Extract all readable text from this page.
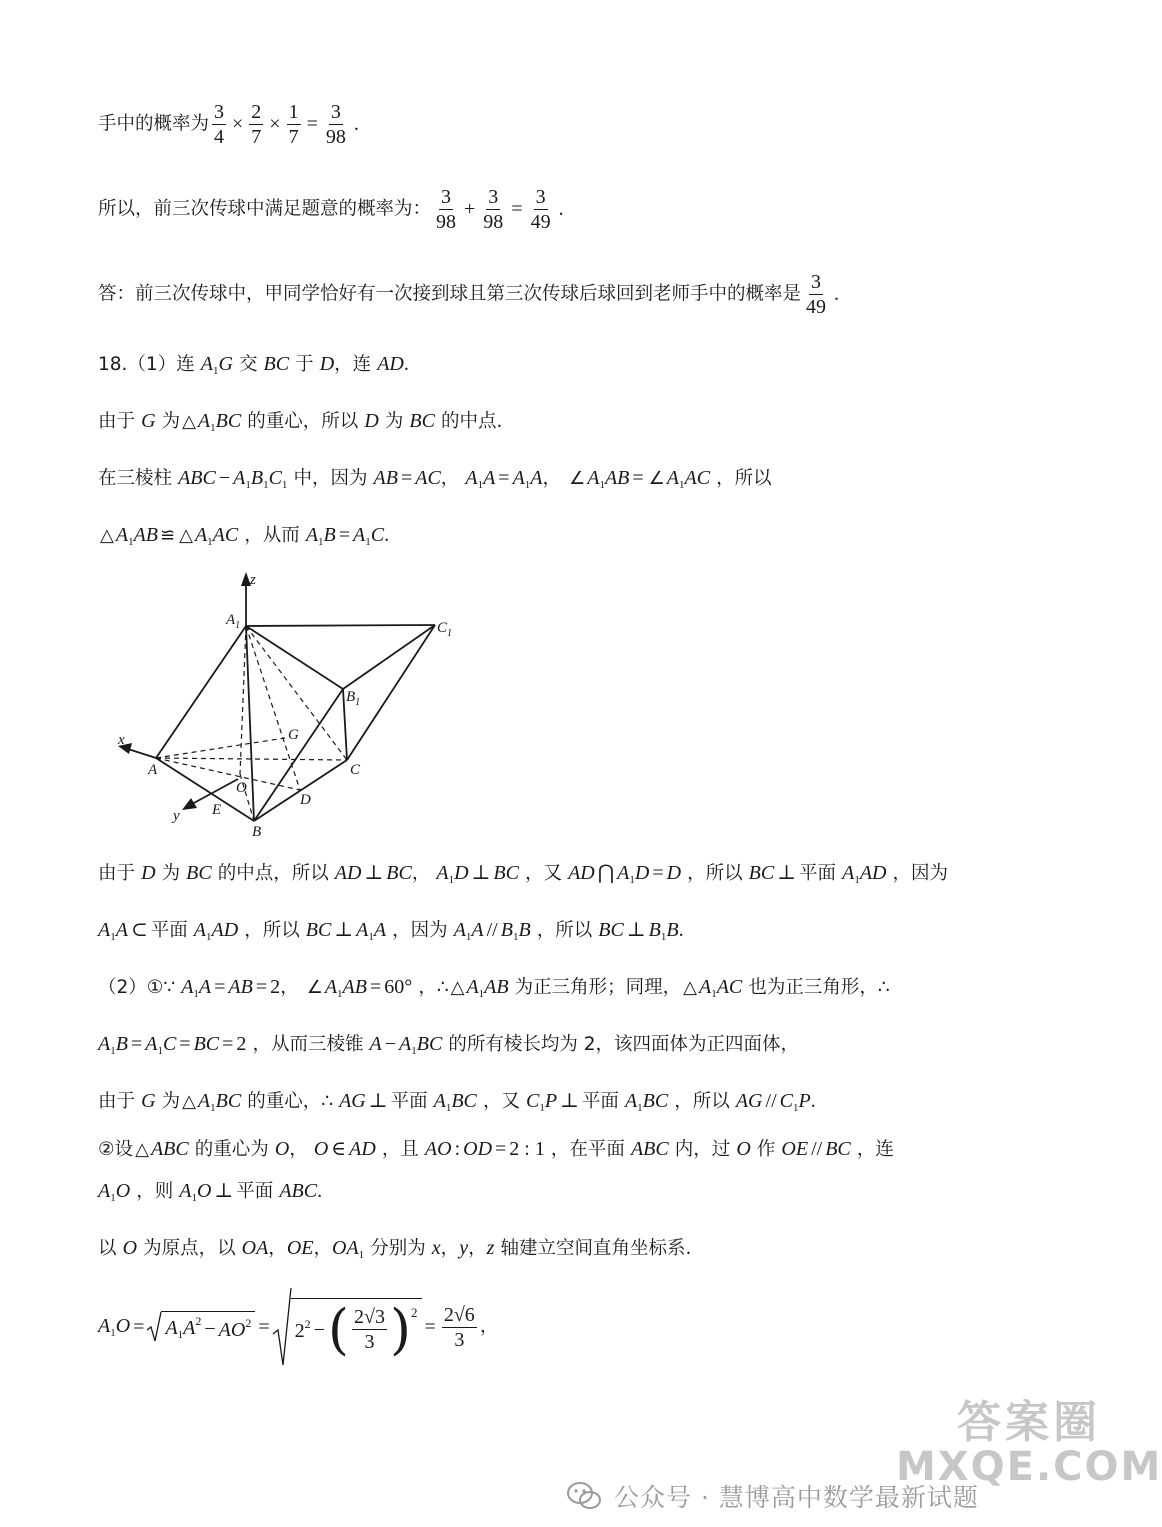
手中的概率为 $\frac{3}{4} \times \frac{2}{7} \times \frac{1}{7} = \frac{3}{98}$ .
所以，前三次传球中满足题意的概率为： $\frac{3}{98} + \frac{3}{98} = \frac{3}{49}$ .
答：前三次传球中，甲同学恰好有一次接到球且第三次传球后球回到老师手中的概率是 $\frac{3}{49}$ .
18.（1）连 $A_1G$ 交 BC 于 D，连 AD.
由于 G 为 △ $A_1BC$ 的重心，所以 D 为 BC 的中点.
在三棱柱 ABC − $A_1B_1C_1$ 中，因为 AB = AC， $A_1A = A_1A$， ∠ $A_1AB$ = ∠ $A_1AC$ ，所以
△ $A_1AB$ ≌ △ $A_1AC$ ，从而 $A_1B = A_1C$.
z
x
y
$A_1$	$C_1$
$B_1$
G
A	C
O
D
E
B
由于 D 为 BC 的中点，所以 AD ⊥ BC， $A_1D$ ⊥ BC ，又 AD ⋂ $A_1D = D$ ，所以 BC ⊥ 平面 $A_1AD$ ，因为
$A_1A$ ⊂ 平面 $A_1AD$ ，所以 BC ⊥ $A_1A$ ，因为 $A_1A // B_1B$ ，所以 BC ⊥ $B_1B$.
（2）①∵ $A_1A$ = AB = 2， ∠ $A_1AB = 60^\circ$ ，∴ △ $A_1AB$ 为正三角形；同理， △ $A_1AC$ 也为正三角形，∴
$A_1B = A_1C$ = BC = 2 ，从而三棱锥 $A - A_1BC$ 的所有棱长均为 2，该四面体为正四面体，
由于 G 为 △ $A_1BC$ 的重心，∴ AG ⊥ 平面 $A_1BC$ ，又 $C_1P$ ⊥ 平面 $A_1BC$ ，所以 AG // $C_1P$.
②设 △ ABC 的重心为 O， O ∈ AD ，且 AO : OD = 2 : 1 ，在平面 ABC 内，过 O 作 OE // BC ，连
$A_1O$ ，则 $A_1O$ ⊥ 平面 ABC.
以 O 为原点，以 OA，OE，$OA_1$ 分别为 x，y，z 轴建立空间直角坐标系.
$A_1O = A_1A^2 - AO^2 = 2^2$ − ( $\frac{2√3}{3}$ ) 2
= $\frac{2√6}{3}$ ，
公众号 · 慧博高中数学最新试题
答案圈
MXQE.COM
